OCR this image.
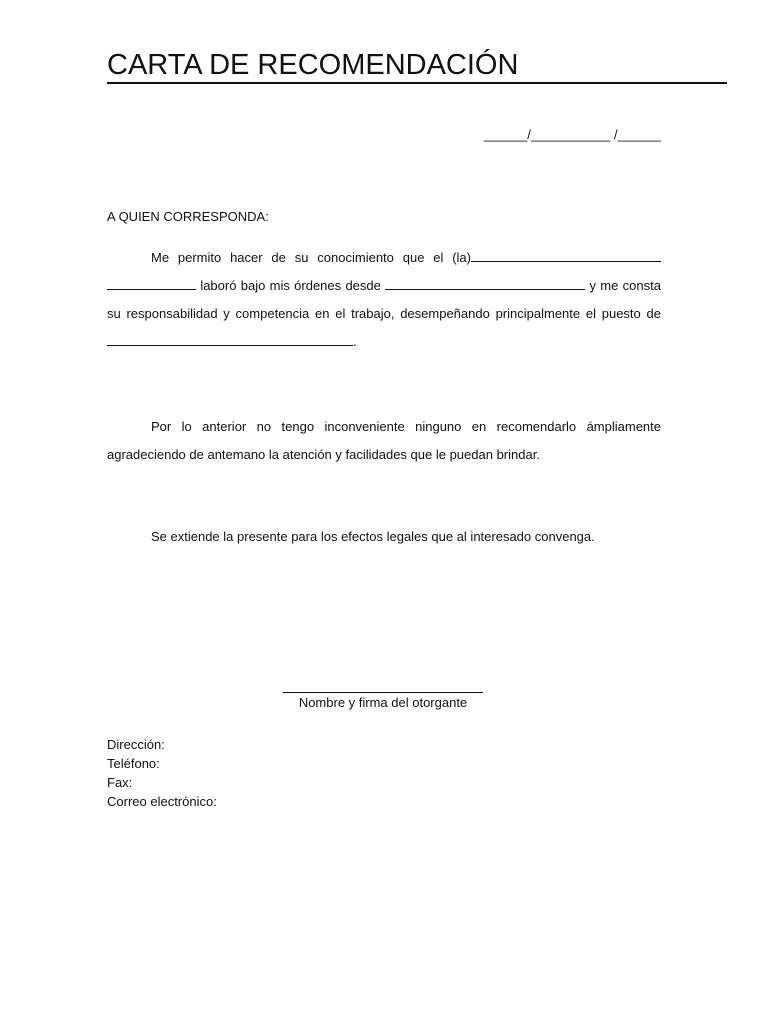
CARTA DE RECOMENDACIÓN
______/___________ /______
A QUIEN CORRESPONDA:

Me permito hacer de su conocimiento que el (la)  laboró bajo mis órdenes desde	y me consta su responsabilidad y competencia en el trabajo, desempeñando principalmente el puesto de .

Por lo anterior no tengo inconveniente ninguno en recomendarlo ámpliamente agradeciendo de antemano la atención y facilidades que le puedan brindar.

Se extiende la presente para los efectos legales que al interesado convenga.

Nombre y firma del otorgante
Dirección:
Teléfono:
Fax:
Correo electrónico:
